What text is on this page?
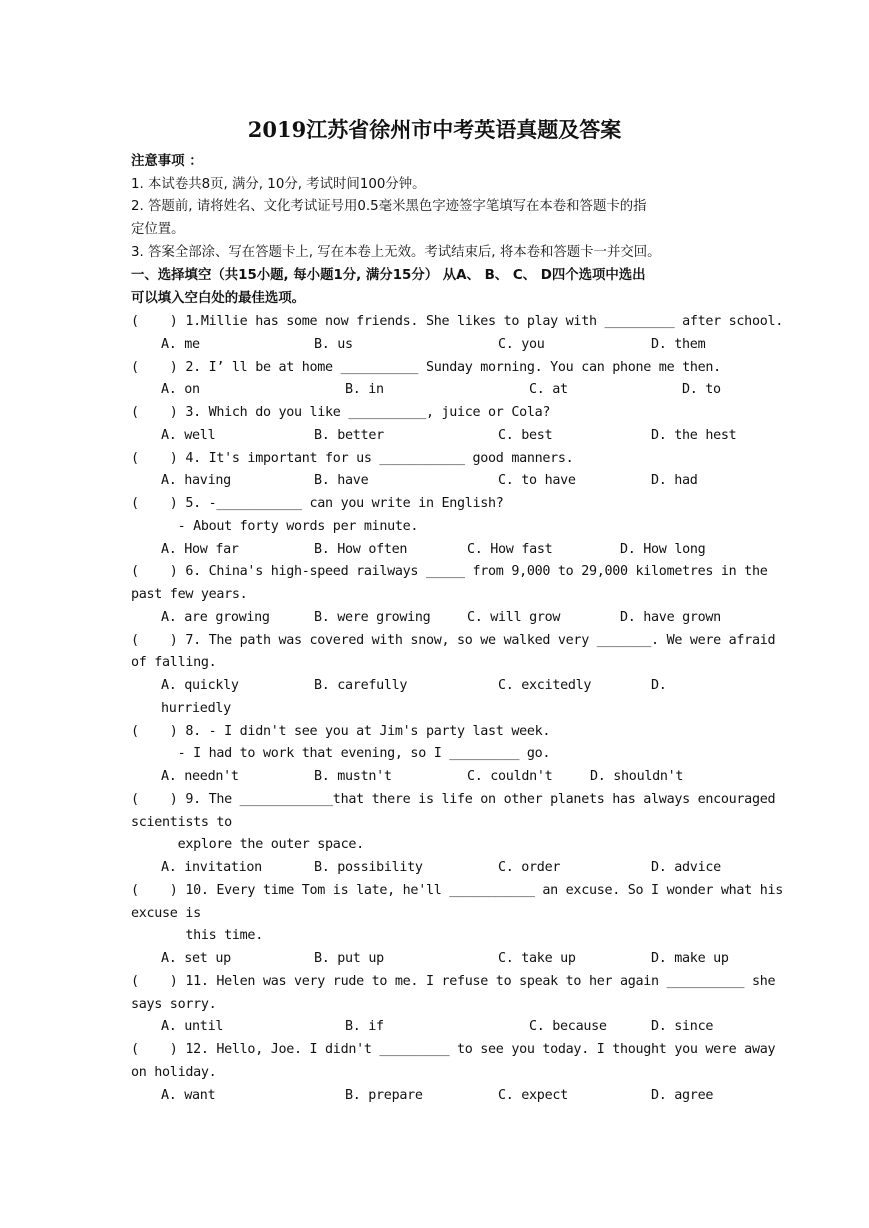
2019江苏省徐州市中考英语真题及答案
注意事项 ：
1. 本试卷共8页, 满分, 10分, 考试时间100分钟。
2. 答题前, 请将姓名、文化考试证号用0.5毫米黑色字迹签字笔填写在本卷和答题卡的指
定位置。
3. 答案全部涂、写在答题卡上, 写在本卷上无效。考试结束后, 将本卷和答题卡一并交回。
一、选择填空（共15小题, 每小题1分, 满分15分） 从A、 B、 C、 D四个选项中选出
可以填入空白处的最佳选项。
(    ) 1.Millie has some now friends. She likes to play with _________ after school.
A. me	B. us	C. you	D. them
(    ) 2. I’ ll be at home __________ Sunday morning. You can phone me then.
A. on	B. in	C. at	D. to
(    ) 3. Which do you like __________, juice or Cola?
A. well	B. better	C. best	D. the hest
(    ) 4. It's important for us ___________ good manners.
A. having	B. have	C. to have	D. had
(    ) 5. -___________ can you write in English?
- About forty words per minute.
A. How far	B. How often	C. How fast	D. How long
(    ) 6. China's high-speed railways _____ from 9,000 to 29,000 kilometres in the
past few years.
A. are growing	B. were growing	C. will grow	D. have grown
(    ) 7. The path was covered with snow, so we walked very _______. We were afraid
of falling.
A. quickly	B. carefully	C. excitedly	D.
hurriedly
(    ) 8. - I didn't see you at Jim's party last week.
- I had to work that evening, so I _________ go.
A. needn't	B. mustn't	C. couldn't	D. shouldn't
(    ) 9. The ____________that there is life on other planets has always encouraged
scientists to
explore the outer space.
A. invitation	B. possibility	C. order	D. advice
(    ) 10. Every time Tom is late, he'll ___________ an excuse. So I wonder what his
excuse is
this time.
A. set up	B. put up	C. take up	D. make up
(    ) 11. Helen was very rude to me. I refuse to speak to her again __________ she
says sorry.
A. until	B. if	C. because	D. since
(    ) 12. Hello, Joe. I didn't _________ to see you today. I thought you were away
on holiday.
A. want	B. prepare	C. expect	D. agree
